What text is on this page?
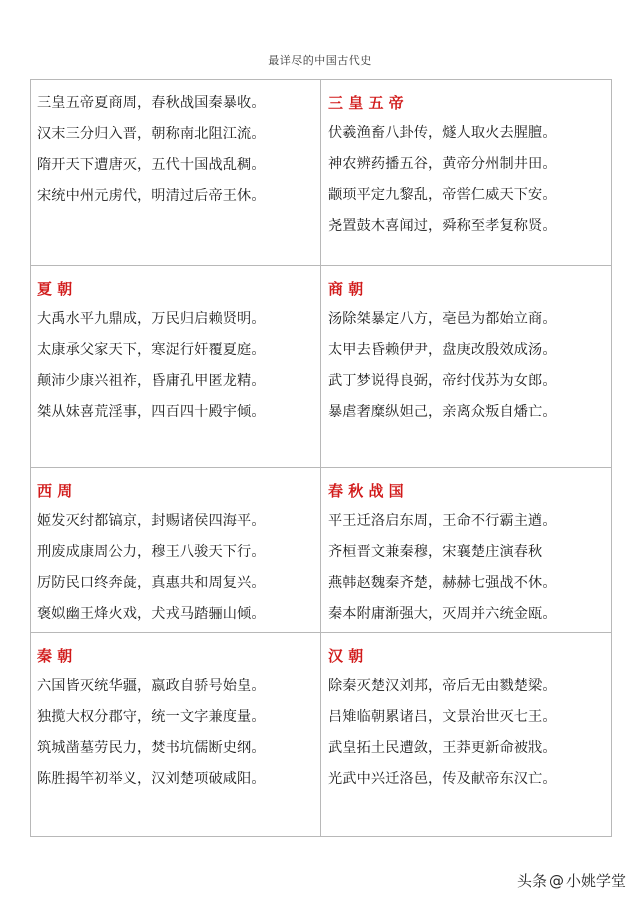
最详尽的中国古代史
三皇五帝夏商周，春秋战国秦暴收。
汉末三分归入晋，朝称南北阻江流。
隋开天下遭唐灭，五代十国战乱稠。
宋统中州元虏代，明清过后帝王休。
三 皇 五 帝
伏羲渔畜八卦传，燧人取火去腥膻。
神农辨药播五谷，黄帝分州制井田。
颛顼平定九黎乱，帝喾仁威天下安。
尧置鼓木喜闻过，舜称至孝复称贤。
夏 朝
大禹水平九鼎成，万民归启赖贤明。
太康承父家天下，寒浞行奸覆夏庭。
颠沛少康兴祖祚，昏庸孔甲匿龙精。
桀从妹喜荒淫事，四百四十殿宇倾。
商 朝
汤除桀暴定八方，亳邑为都始立商。
太甲去昏赖伊尹，盘庚改殷效成汤。
武丁梦说得良弼，帝纣伐苏为女郎。
暴虐奢糜纵妲己，亲离众叛自燔亡。
西 周
姬发灭纣都镐京，封赐诸侯四海平。
刑废成康周公力，穆王八骏天下行。
厉防民口终奔彘，真惠共和周复兴。
褒姒幽王烽火戏，犬戎马踏骊山倾。
春 秋 战 国
平王迁洛启东周，王命不行霸主遒。
齐桓晋文兼秦穆，宋襄楚庄演春秋
燕韩赵魏秦齐楚，赫赫七强战不休。
秦本附庸渐强大，灭周并六统金瓯。
秦 朝
六国皆灭统华疆，嬴政自骄号始皇。
独揽大权分郡守，统一文字兼度量。
筑城凿墓劳民力，焚书坑儒断史纲。
陈胜揭竿初举义，汉刘楚项破咸阳。
汉 朝
除秦灭楚汉刘邦，帝后无由戮楚梁。
吕雉临朝累诸吕，文景治世灭七王。
武皇拓土民遭敛，王莽更新命被戕。
光武中兴迁洛邑，传及献帝东汉亡。
头条 @ 小姚学堂
